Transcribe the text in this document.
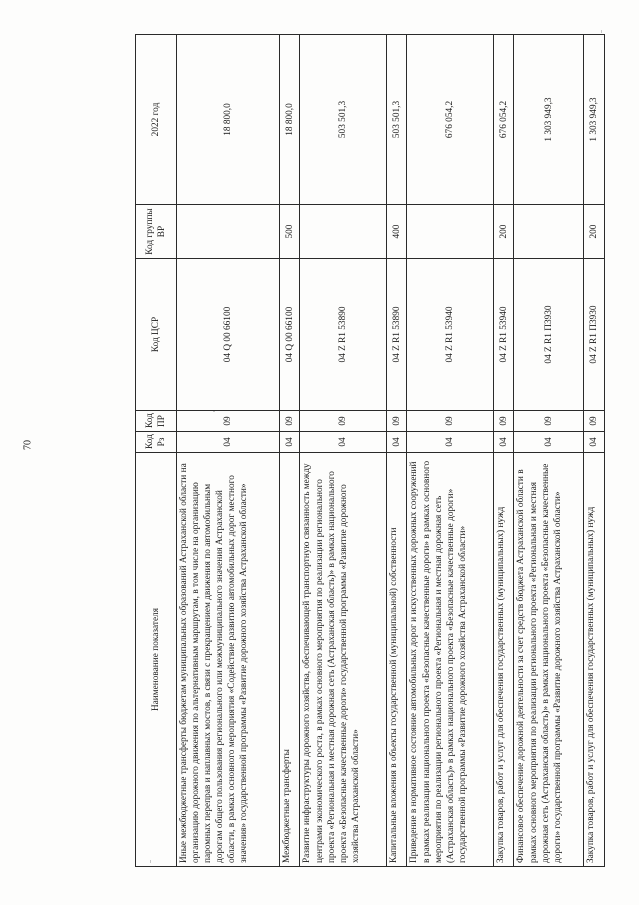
70
Наименование показателя	Код Рз	Код ПР	Код ЦСР	Код группы ВР	2022 год
Иные межбюджетные трансферты бюджетам муниципальных образований Астраханской области на организацию дорожного движения по альтернативным маршрутам, в том числе на организацию паромных переправ и наплавных мостов, в связи с прекращением движения по автомобильным дорогам общего пользования регионального или межмуниципального значения Астраханской области, в рамках основного мероприятия «Содействие развитию автомобильных дорог местного значения» государственной программы «Развитие дорожного хозяйства Астраханской области»	04	09	04 Q 00 66100		18 800,0
Межбюджетные трансферты	04	09	04 Q 00 66100	500	18 800,0
Развитие инфраструктуры дорожного хозяйства, обеспечивающей транспортную связанность между центрами экономического роста, в рамках основного мероприятия по реализации регионального проекта «Региональная и местная дорожная сеть (Астраханская область)» в рамках национального проекта «Безопасные качественные дороги» государственной программы «Развитие дорожного хозяйства Астраханской области»	04	09	04 Z R1 53890		503 501,3
Капитальные вложения в объекты государственной (муниципальной) собственности	04	09	04 Z R1 53890	400	503 501,3
Приведение в нормативное состояние автомобильных дорог и искусственных дорожных сооружений в рамках реализации национального проекта «Безопасные качественные дороги» в рамках основного мероприятия по реализации регионального проекта «Региональная и местная дорожная сеть (Астраханская область)» в рамках национального проекта «Безопасные качественные дороги» государственной программы «Развитие дорожного хозяйства Астраханской области»	04	09	04 Z R1 53940		676 054,2
Закупка товаров, работ и услуг для обеспечения государственных (муниципальных) нужд	04	09	04 Z R1 53940	200	676 054,2
Финансовое обеспечение дорожной деятельности за счет средств бюджета Астраханской области в рамках основного мероприятия по реализации регионального проекта «Региональная и местная дорожная сеть (Астраханская область)» в рамках национального проекта «Безопасные качественные дороги» государственной программы «Развитие дорожного хозяйства Астраханской области»	04	09	04 Z R1 П3930		1 303 949,3
Закупка товаров, работ и услуг для обеспечения государственных (муниципальных) нужд	04	09	04 Z R1 П3930	200	1 303 949,3
